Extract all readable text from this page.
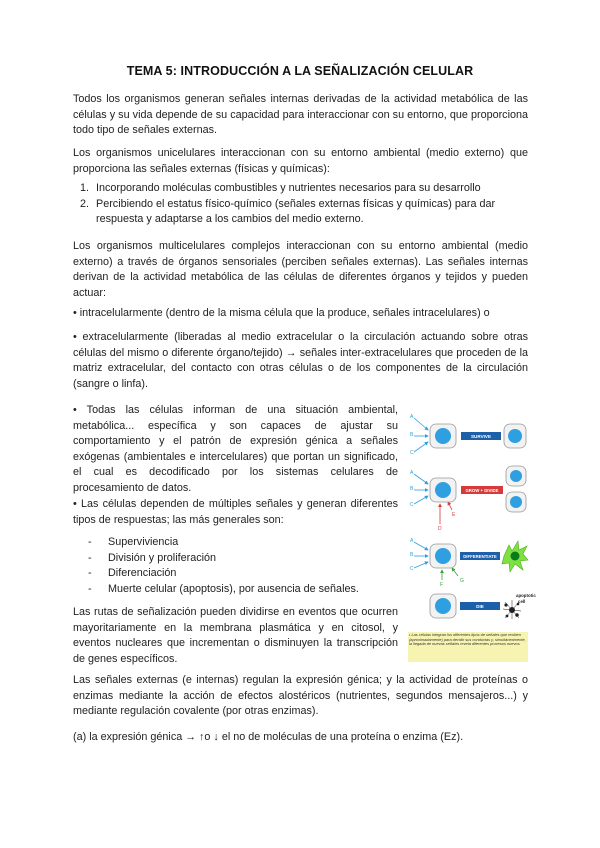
TEMA 5: INTRODUCCIÓN A LA SEÑALIZACIÓN CELULAR

Todos los organismos generan señales internas derivadas de la actividad metabólica de las células y su vida depende de su capacidad para interaccionar con su entorno, que proporciona todo tipo de señales externas.

Los organismos unicelulares interaccionan con su entorno ambiental (medio externo) que proporciona las señales externas (físicas y químicas):

1. Incorporando moléculas combustibles y nutrientes necesarios para su desarrollo
2. Percibiendo el estatus físico-químico (señales externas físicas y químicas) para dar respuesta y adaptarse a los cambios del medio externo.

Los organismos multicelulares complejos interaccionan con su entorno ambiental (medio externo) a través de órganos sensoriales (perciben señales externas). Las señales internas derivan de la actividad metabólica de las células de diferentes órganos y tejidos y pueden actuar:

• intracelularmente (dentro de la misma célula que la produce, señales intracelulares) o

• extracelularmente (liberadas al medio extracelular o la circulación actuando sobre otras células del mismo o diferente órgano/tejido) → señales inter-extracelulares que proceden de la matriz extracelular, del contacto con otras células o de los componentes de la circulación (sangre o linfa).

• Todas las células informan de una situación ambiental, metabólica... específica y son capaces de ajustar su comportamiento y el patrón de expresión génica a señales exógenas (ambientales e intercelulares) que portan un significado, el cual es decodificado por los sistemas celulares de procesamiento de datos.

• Las células dependen de múltiples señales y generan diferentes tipos de respuestas; las más generales son:

- Superviviencia
- División y proliferación
- Diferenciación
- Muerte celular (apoptosis), por ausencia de señales.

Las rutas de señalización pueden dividirse en eventos que ocurren mayoritariamente en la membrana plasmática y en citosol, y eventos nucleares que incrementan o disminuyen la transcripción de genes específicos.

Las señales externas (e internas) regulan la expresión génica; y la actividad de proteínas o enzimas mediante la acción de efectos alostéricos (nutrientes, segundos mensajeros...) y mediante regulación covalente (por otras enzimas).

(a) la expresión génica → ↑o ↓ el no de moléculas de una proteína o enzima (Ez).

A
B
C
SURVIVE
A
B
C
D
E
GROW + DIVIDE
A
B
C
F
G
DIFFERENTIATE
DIE
apoptotic
cell
• Las células integran los diferentes tipos de señales que reciben (aproximadamente) para decidir sus conductas y, simultáneamente, la llegada de nuevas señales revela diferentes procesos nuevos.
